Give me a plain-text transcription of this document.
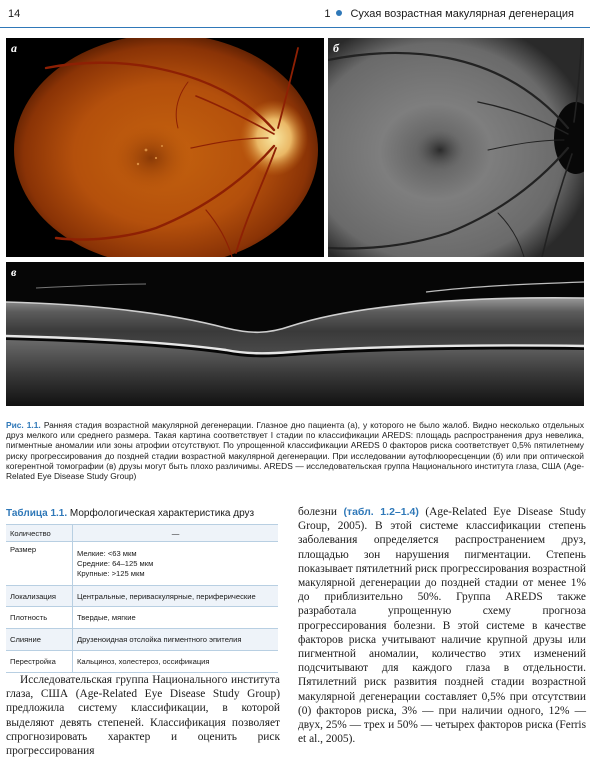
14	1 Сухая возрастная макулярная дегенерация
а	б
в
Рис. 1.1. Ранняя стадия возрастной макулярной дегенерации. Глазное дно пациента (а), у которого не было жалоб. Видно несколько отдельных друз мелкого или среднего размера. Такая картина соответствует I стадии по классификации AREDS: площадь распространения друз невелика, пигментные аномалии или зоны атрофии отсутствуют. По упрощенной классификации AREDS 0 факторов риска соответствует 0,5% пятилетнему риску прогрессирования до поздней стадии возрастной макулярной дегенерации. При исследовании аутофлюоресценции (б) или при оптической когерентной томографии (в) друзы могут быть плохо различимы. AREDS — исследовательская группа Национального института глаза, США (Age-Related Eye Disease Study Group)
Таблица 1.1. Морфологическая характеристика друз
Количество	—
Размер	Мелкие: <63 мкм
Средние: 64–125 мкм
Крупные: >125 мкм

Локализация	Центральные, перивaскулярные, периферические
Плотность	Твердые, мягкие
Слияние	Друзеноидная отслойка пигментного эпителия
Перестройка	Кальциноз, холестероз, оссификация
Исследовательская группа Национального института глаза, США (Age-Related Eye Disease Study Group) предложила систему классификации, в которой выделяют девять степеней. Классификация позволяет спрогнозировать характер и оценить риск прогрессирования
болезни (табл. 1.2–1.4) (Age-Related Eye Disease Study Group, 2005). В этой системе классификации степень заболевания определяется распространением друз, площадью зон нарушения пигментации. Степень показывает пятилетний риск прогрессирования возрастной макулярной дегенерации до поздней стадии от менее 1% до приблизительно 50%. Группа AREDS также разработала упрощенную схему прогноза прогрессирования болезни. В этой системе в качестве факторов риска учитывают наличие крупной друзы или пигментной аномалии, количество этих изменений подсчитывают для каждого глаза в отдельности. Пятилетний риск развития поздней стадии возрастной макулярной дегенерации составляет 0,5% при отсутствии (0) факторов риска, 3% — при наличии одного, 12% — двух, 25% — трех и 50% — четырех факторов риска (Ferris et al., 2005).
